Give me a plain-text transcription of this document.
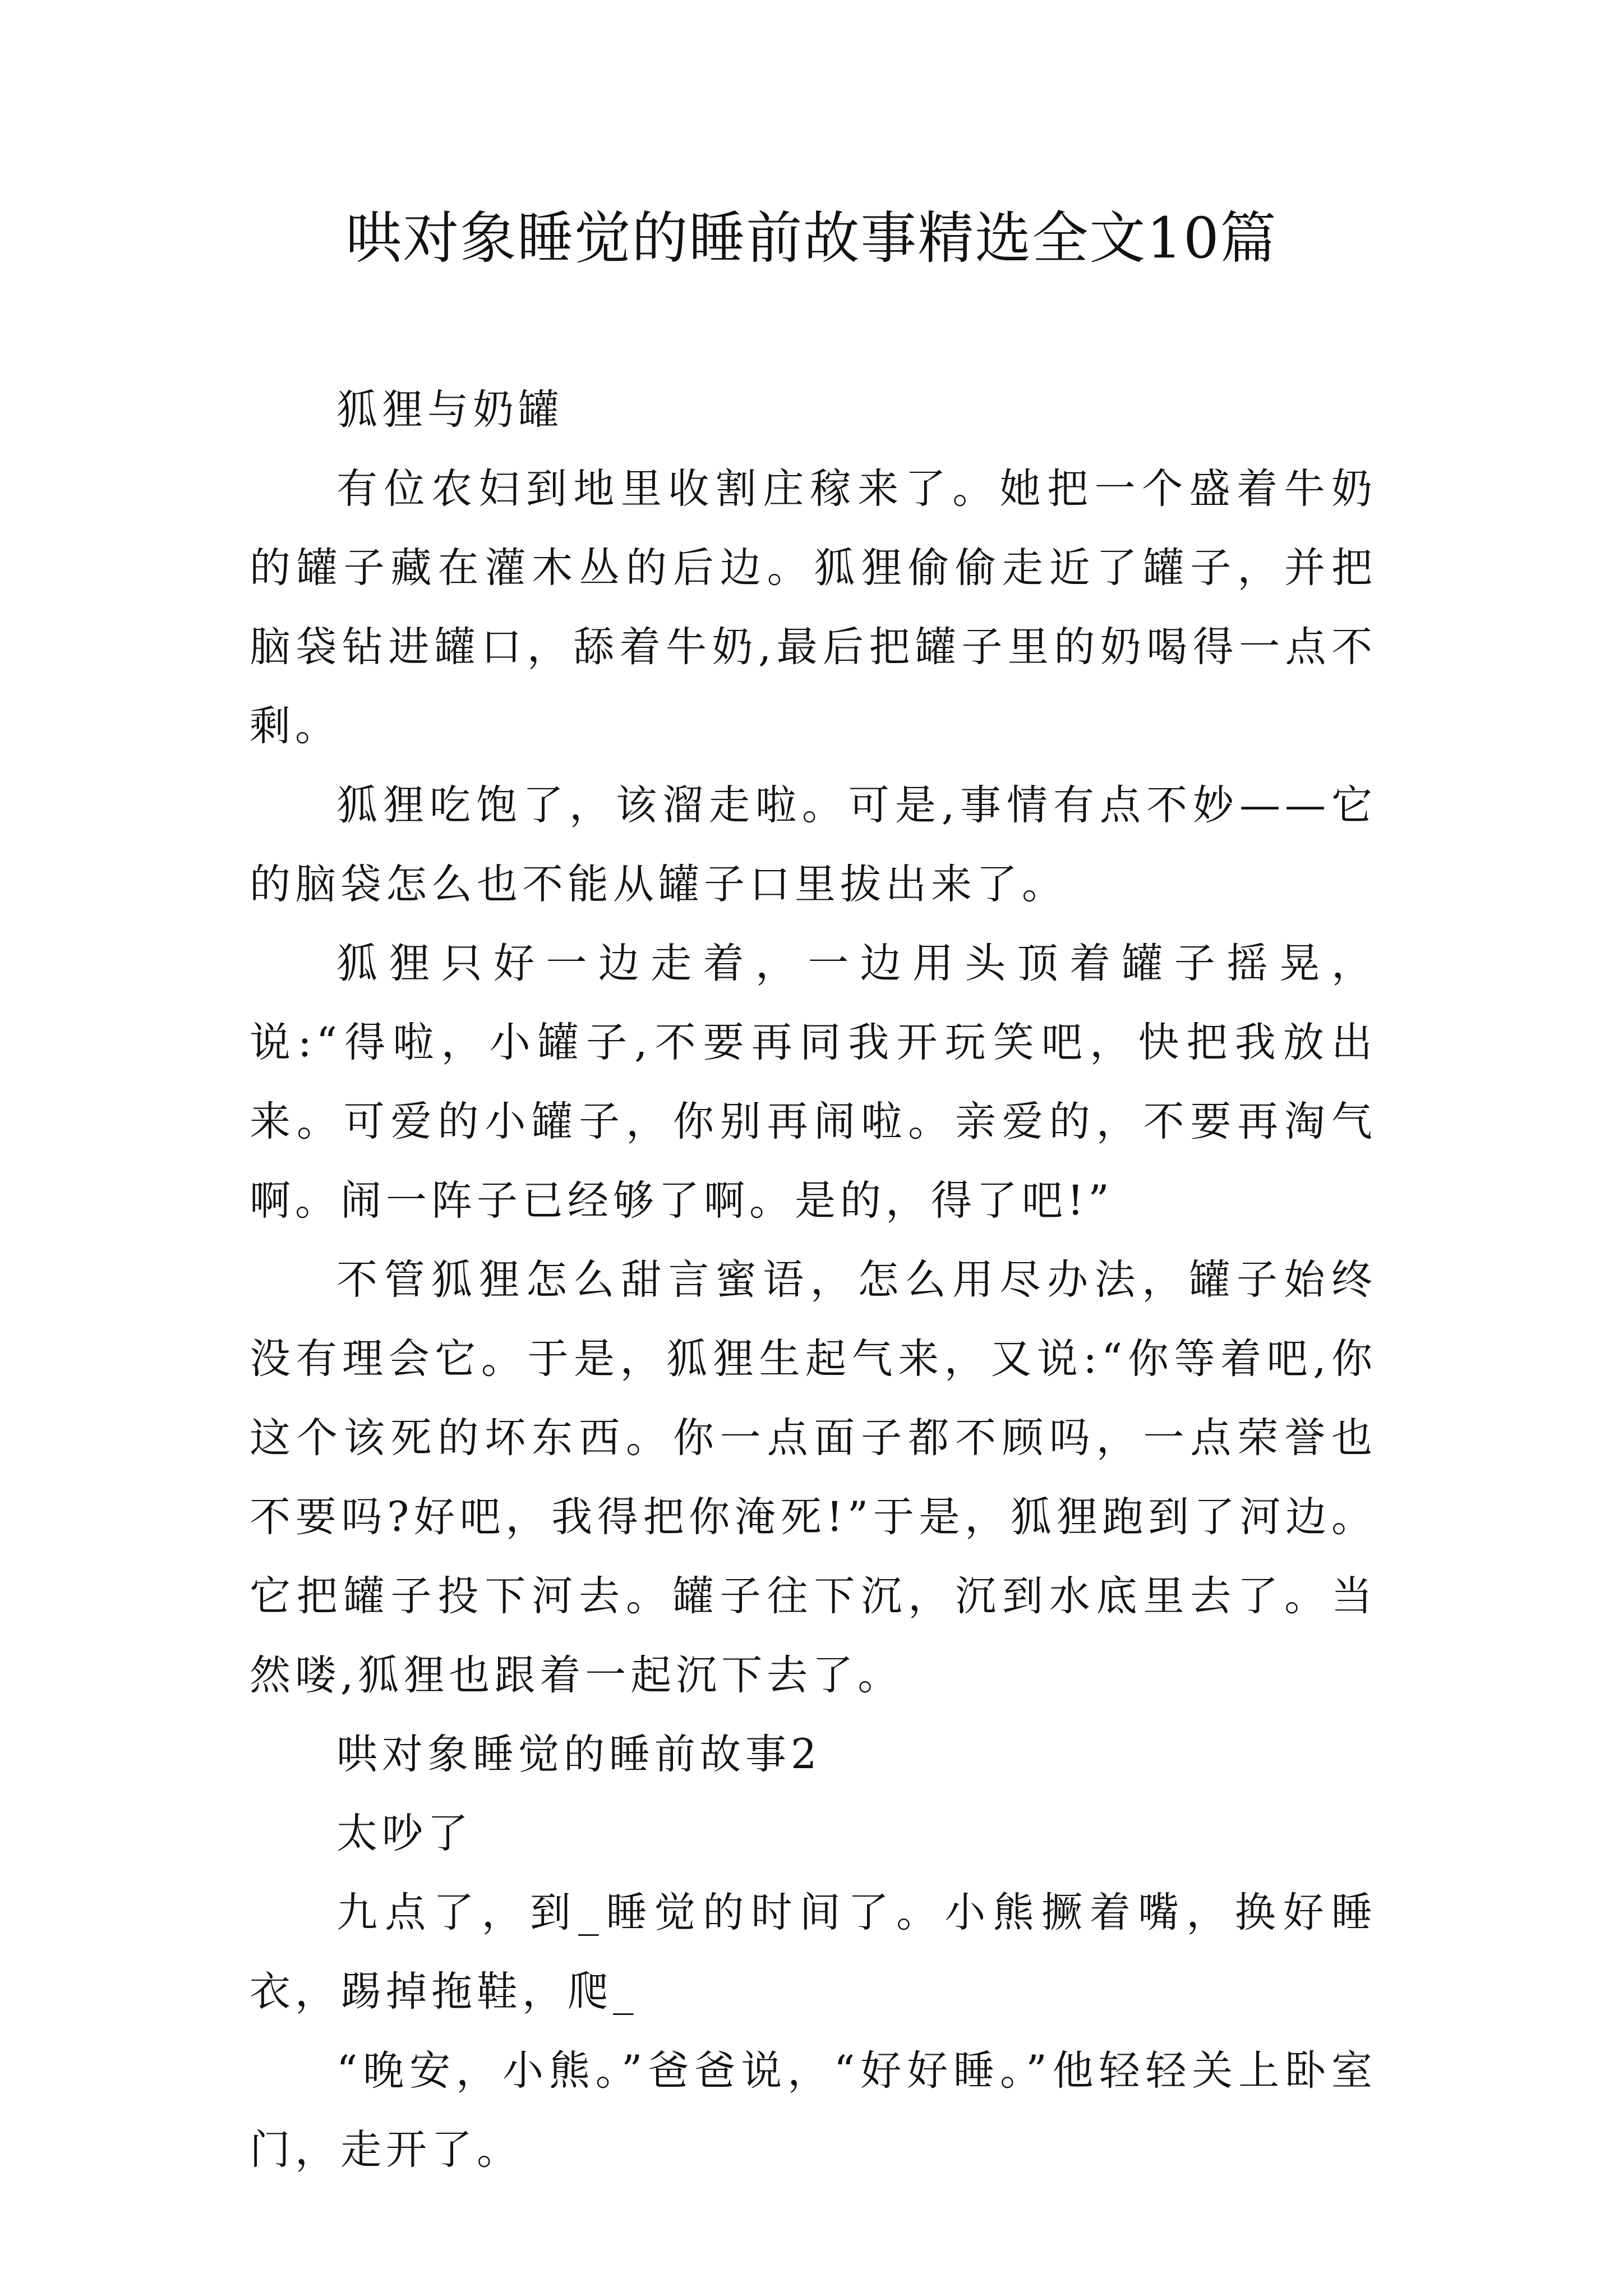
哄对象睡觉的睡前故事精选全文10篇

狐狸与奶罐

有位农妇到地里收割庄稼来了。她把一个盛着牛奶的罐子藏在灌木丛的后边。狐狸偷偷走近了罐子，并把脑袋钻进罐口，舔着牛奶,最后把罐子里的奶喝得一点不剩。

狐狸吃饱了，该溜走啦。可是,事情有点不妙——它的脑袋怎么也不能从罐子口里拔出来了。

狐狸只好一边走着，一边用头顶着罐子摇晃，说:“得啦，小罐子,不要再同我开玩笑吧，快把我放出来。可爱的小罐子，你别再闹啦。亲爱的，不要再淘气啊。闹一阵子已经够了啊。是的，得了吧!”

不管狐狸怎么甜言蜜语，怎么用尽办法，罐子始终没有理会它。于是，狐狸生起气来，又说:“你等着吧,你这个该死的坏东西。你一点面子都不顾吗，一点荣誉也不要吗?好吧，我得把你淹死!”于是，狐狸跑到了河边。它把罐子投下河去。罐子往下沉，沉到水底里去了。当然喽,狐狸也跟着一起沉下去了。

哄对象睡觉的睡前故事2

太吵了

九点了，到_睡觉的时间了。小熊撅着嘴，换好睡衣，踢掉拖鞋，爬_

“晚安，小熊。”爸爸说，“好好睡。”他轻轻关上卧室门，走开了。
